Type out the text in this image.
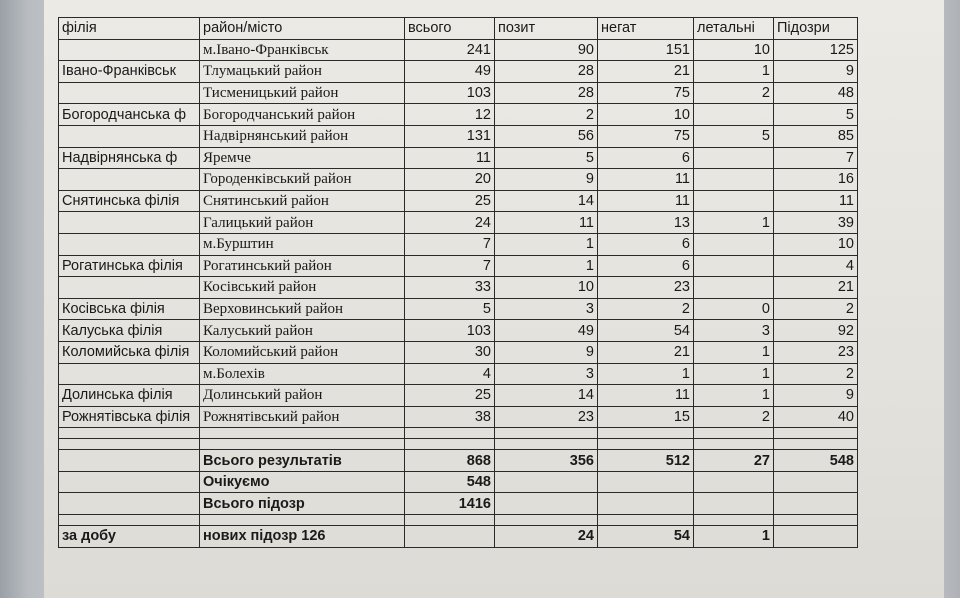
філія	район/місто	всього	позит	негат	летальні	Підозри
	м.Івано-Франківськ	241	90	151	10	125
Івано-Франківськ	Тлумацький район	49	28	21	1	9
	Тисменицький район	103	28	75	2	48
Богородчанська ф	Богородчанський район	12	2	10		5
	Надвірнянський район	131	56	75	5	85
Надвірнянська ф	Яремче	11	5	6		7
	Городенківський район	20	9	11		16
Снятинська філія	Снятинський район	25	14	11		11
	Галицький район	24	11	13	1	39
	м.Бурштин	7	1	6		10
Рогатинська філія	Рогатинський район	7	1	6		4
	Косівський район	33	10	23		21
Косівська філія	Верховинський район	5	3	2	0	2
Калуська філія	Калуський район	103	49	54	3	92
Коломийська філія	Коломийський район	30	9	21	1	23
	м.Болехів	4	3	1	1	2
Долинська філія	Долинський район	25	14	11	1	9
Рожнятівська філія	Рожнятівський район	38	23	15	2	40

	Всього результатів	868	356	512	27	548
	Очікуємо	548				
	Всього підозр	1416				

за добу	нових підозр 126		24	54	1	
